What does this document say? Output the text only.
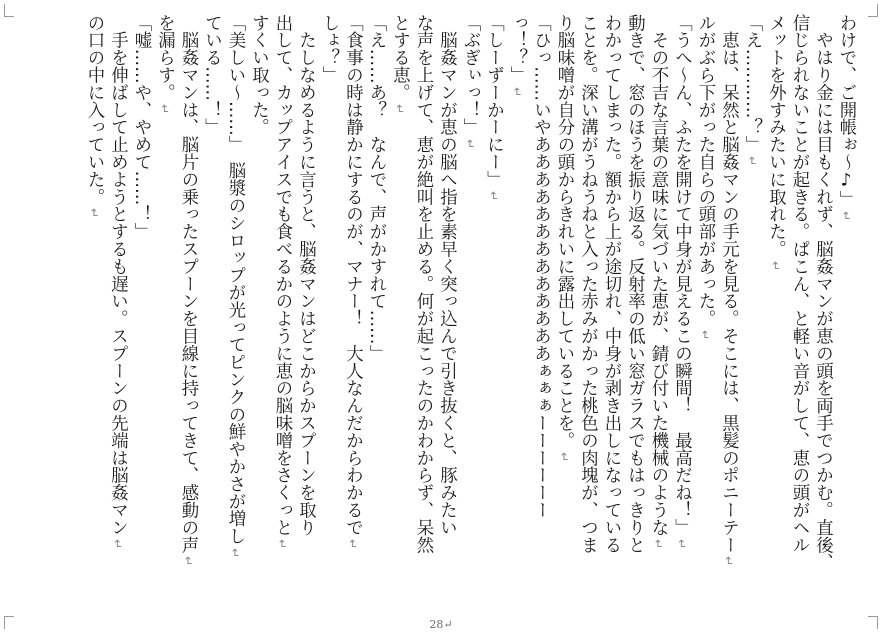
わけで、ご開帳ぉ〜♪」↵
　やはり金には目もくれず、脳姦マンが恵の頭を両手でつかむ。直後、
信じられないことが起きる。ぱこん、と軽い音がして、恵の頭がヘル
メットを外すみたいに取れた。↵
「え…………？」↵
　恵は、呆然と脳姦マンの手元を見る。そこには、黒髪のポニーテー↵
ルがぶら下がった自らの頭部があった。↵
「うへ〜ん、ふたを開けて中身が見えるこの瞬間！　最高だね！」↵
　その不吉な言葉の意味に気づいた恵が、錆び付いた機械のような↵
動きで、窓のほうを振り返る。反射率の低い窓ガラスでもはっきりと
わかってしまった。額から上が途切れ、中身が剥き出しになっている
ことを。深い溝がうねうねと入った赤みがかった桃色の肉塊が、つま
り脳味噌が自分の頭からきれいに露出していることを。↵
「ひっ……いやあああああああああああああぁぁぁーーーーーー
っ！？」↵
「しーずーかーにー」↵
「ぶぎぃっ！」↵
　脳姦マンが恵の脳へ指を素早く突っ込んで引き抜くと、豚みたい
な声を上げて、恵が絶叫を止める。何が起こったのかわからず、呆然
とする恵。↵
「え……あ？　なんで、声がかすれて……」
「食事の時は静かにするのが、マナー！　大人なんだからわかるで↵
しょ？」
　たしなめるように言うと、脳姦マンはどこからかスプーンを取り
出して、カップアイスでも食べるかのように恵の脳味噌をさくっと↵
すくい取った。
「美しい〜……」　脳漿のシロップが光ってピンクの鮮やかさが増し↵
ている……！」
　脳姦マンは、脳片の乗ったスプーンを目線に持ってきて、感動の声↵
を漏らす。↵
「嘘……や、やめて……！」
　手を伸ばして止めようとするも遅い。スプーンの先端は脳姦マン↵
の口の中に入っていた。↵
28↵
